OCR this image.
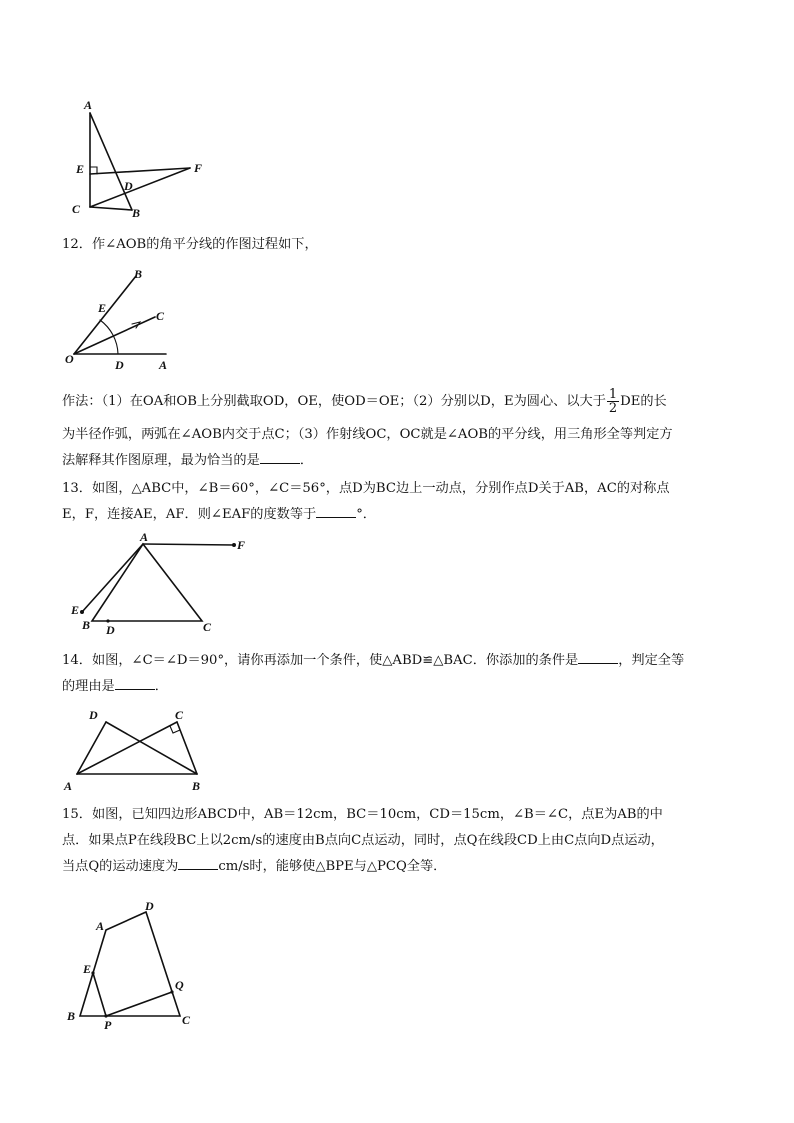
A
E	F
D
C	B
12．作∠AOB的角平分线的作图过程如下，
B
E
C
O	D	A
作法：（1）在OA和OB上分别截取OD，OE，使OD＝OE；（2）分别以D，E为圆心、以大于 $\frac{1}{2}$ DE的长
为半径作弧，两弧在∠AOB内交于点C；（3）作射线OC，OC就是∠AOB的平分线，用三角形全等判定方
法解释其作图原理，最为恰当的是	．
13．如图，△ABC中，∠B＝60°，∠C＝56°，点D为BC边上一动点，分别作点D关于AB，AC的对称点
E，F，连接AE，AF．则∠EAF的度数等于	°．
A
F
E
B D	C
14．如图，∠C＝∠D＝90°，请你再添加一个条件，使△ABD≌△BAC．你添加的条件是	，判定全等
的理由是	．
D	C
A	B
15．如图，已知四边形ABCD中，AB＝12cm，BC＝10cm，CD＝15cm，∠B＝∠C，点E为AB的中
点．如果点P在线段BC上以2cm/s的速度由B点向C点运动，同时，点Q在线段CD上由C点向D点运动，
当点Q的运动速度为	cm/s时，能够使△BPE与△PCQ全等．
D
A
E
Q
B
P	C
